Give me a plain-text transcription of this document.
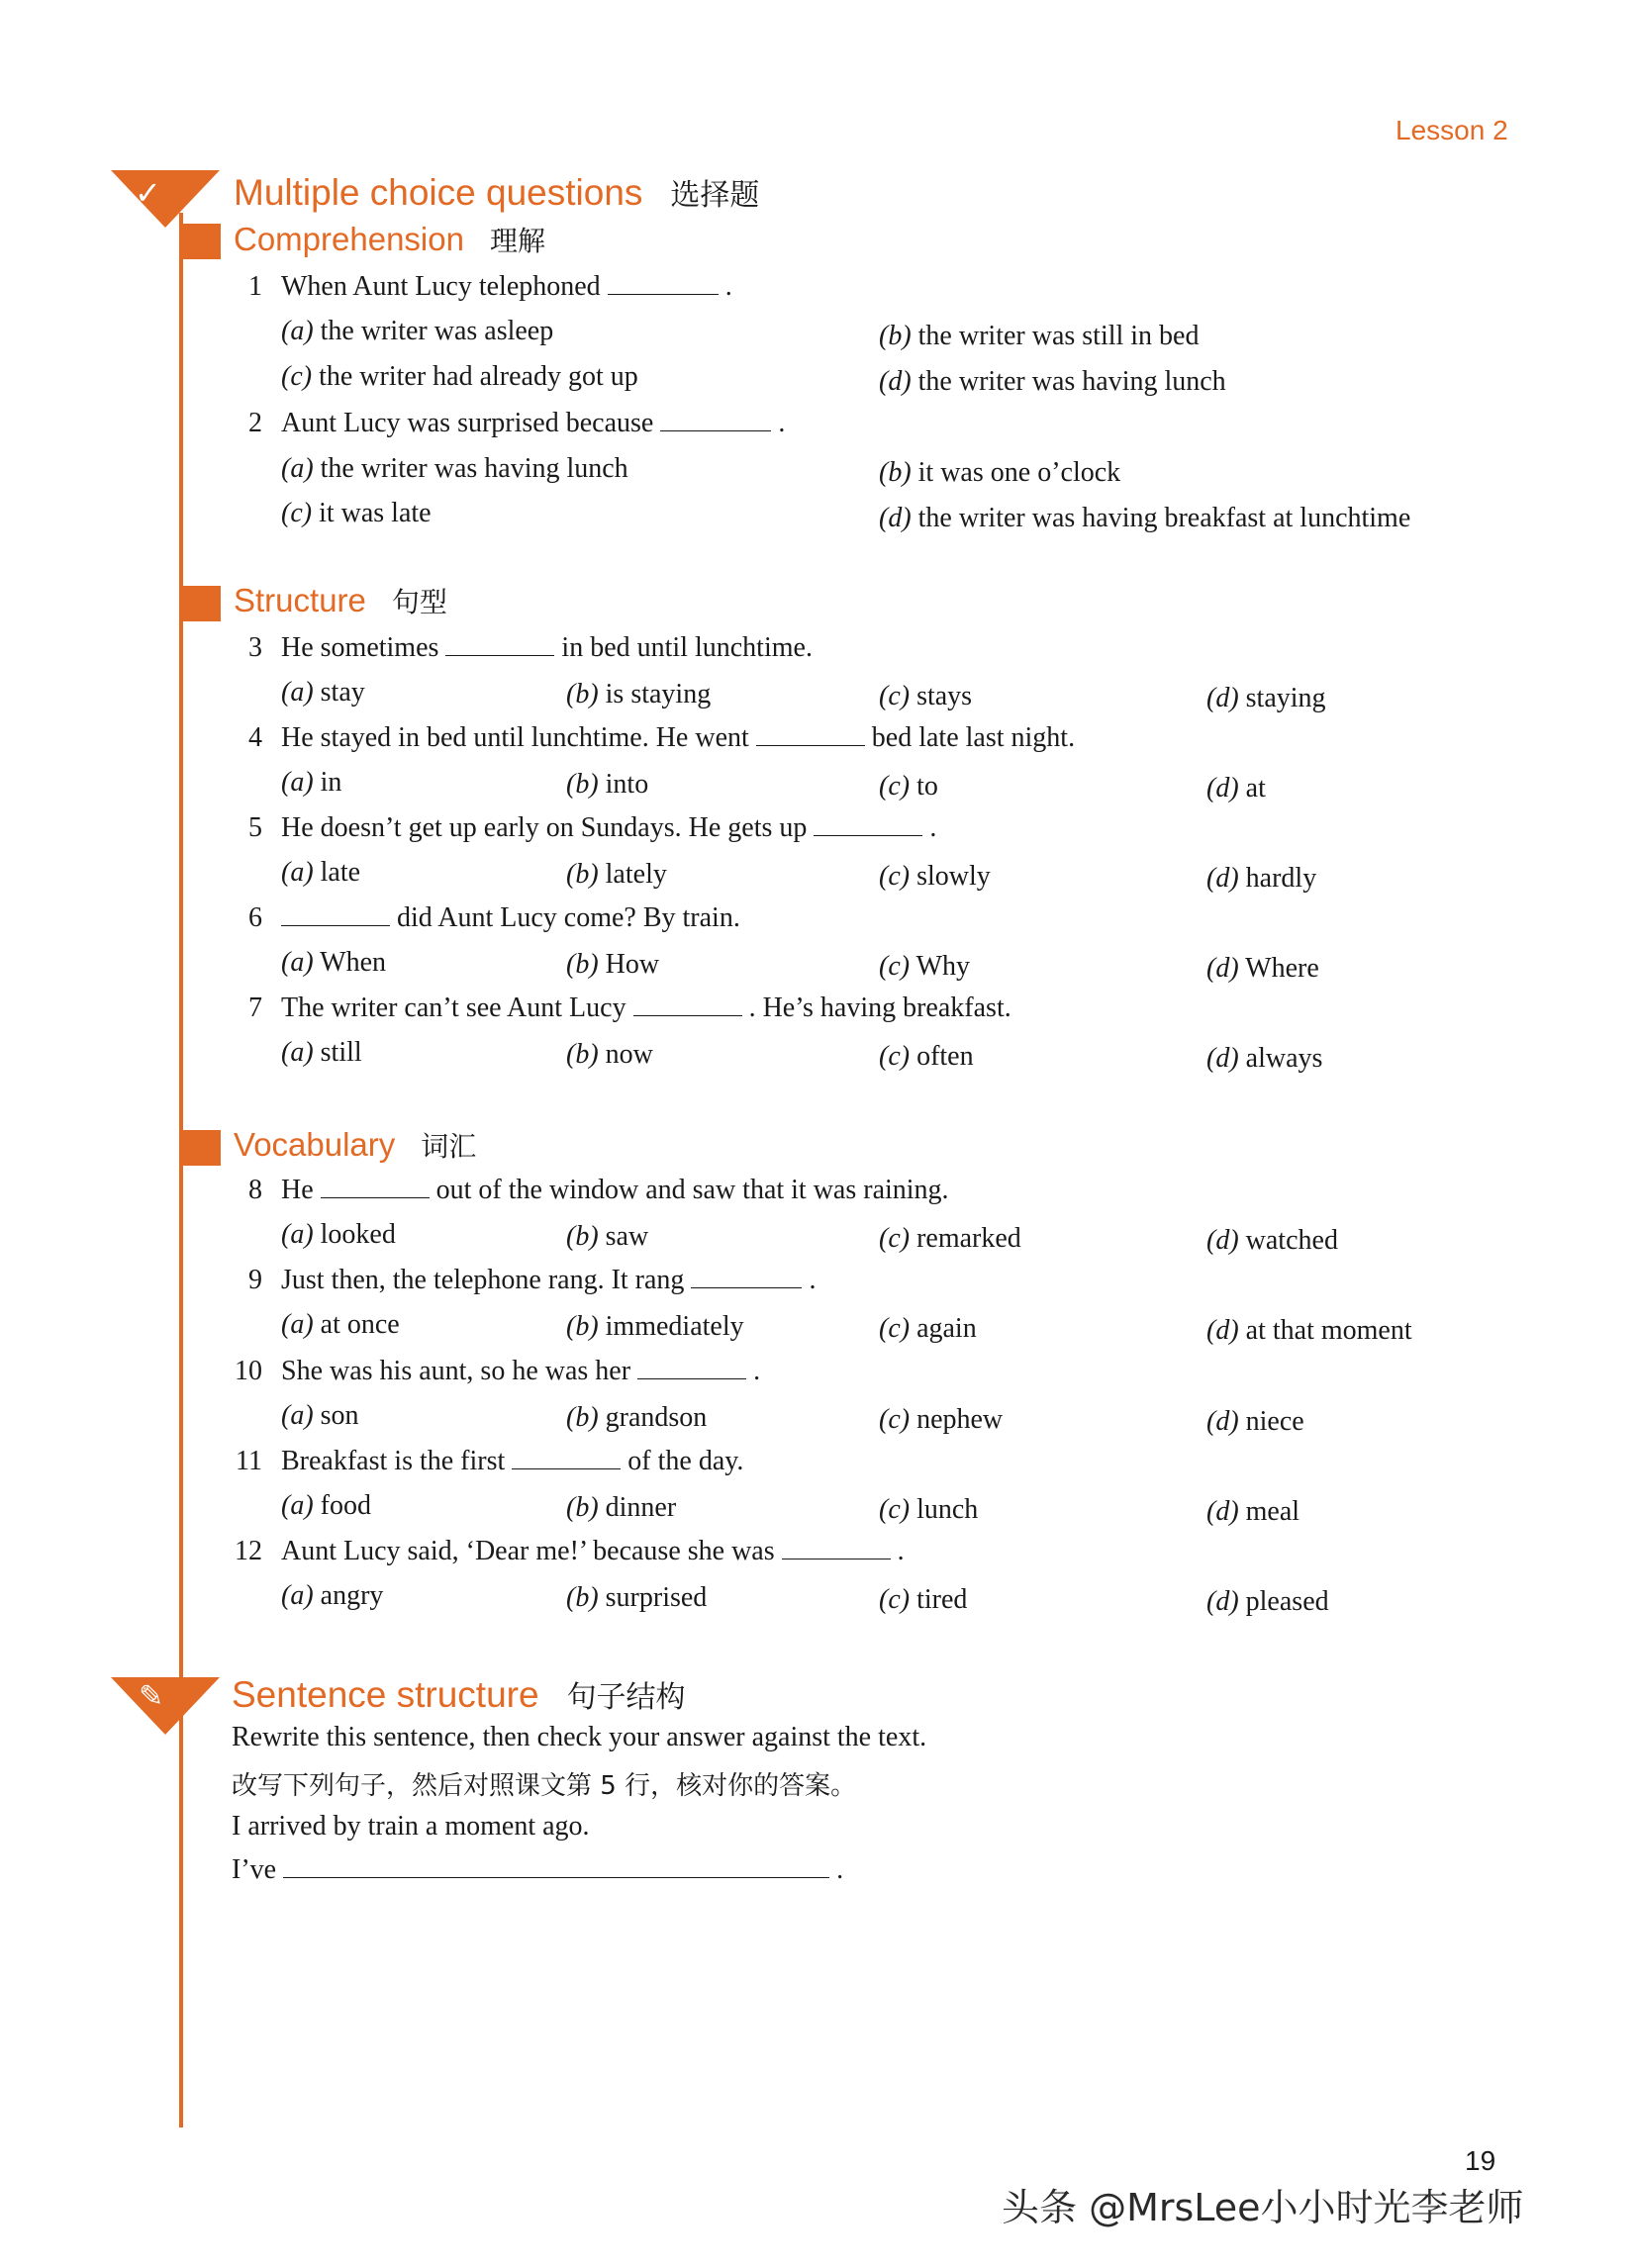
Lesson 2
✓ Multiple choice questions 选择题
Comprehension 理解
1 When Aunt Lucy telephoned	.
(a) the writer was asleep	(b) the writer was still in bed
(c) the writer had already got up	(d) the writer was having lunch
2 Aunt Lucy was surprised because	.
(a) the writer was having lunch	(b) it was one o’clock
(c) it was late	(d) the writer was having breakfast at lunchtime
Structure 句型
3 He sometimes	in bed until lunchtime.
(a) stay	(b) is staying	(c) stays	(d) staying
4 He stayed in bed until lunchtime. He went	bed late last night.
(a) in	(b) into	(c) to	(d) at
5 He doesn’t get up early on Sundays. He gets up	.
(a) late	(b) lately	(c) slowly	(d) hardly
6	did Aunt Lucy come? By train.
(a) When	(b) How	(c) Why	(d) Where
7 The writer can’t see Aunt Lucy	. He’s having breakfast.
(a) still	(b) now	(c) often	(d) always
Vocabulary 词汇
8 He	out of the window and saw that it was raining.
(a) looked	(b) saw	(c) remarked	(d) watched
9 Just then, the telephone rang. It rang	.
(a) at once	(b) immediately	(c) again	(d) at that moment
10 She was his aunt, so he was her	.
(a) son	(b) grandson	(c) nephew	(d) niece
11 Breakfast is the first	of the day.
(a) food	(b) dinner	(c) lunch	(d) meal
12 Aunt Lucy said, ‘Dear me!’ because she was	.
(a) angry	(b) surprised	(c) tired	(d) pleased
✎ Sentence structure 句子结构
Rewrite this sentence, then check your answer against the text.
改写下列句子，然后对照课文第 5 行，核对你的答案。
I arrived by train a moment ago.
I’ve	.
19
头条 @MrsLee小小时光李老师
